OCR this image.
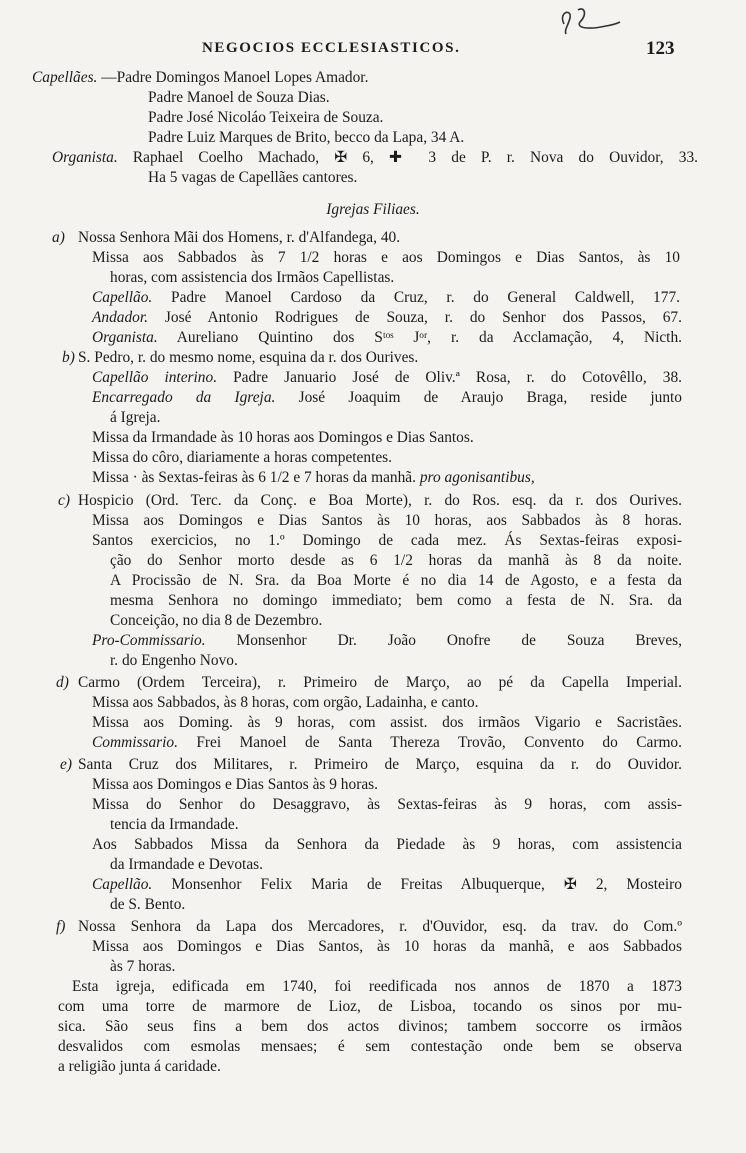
NEGOCIOS ECCLESIASTICOS.	123
Capellães. —Padre Domingos Manoel Lopes Amador.
Padre Manoel de Souza Dias.
Padre José Nicoláo Teixeira de Souza.
Padre Luiz Marques de Brito, becco da Lapa, 34 A.
Organista. Raphael Coelho Machado, ✠ 6, ✚ 3 de P. r. Nova do Ouvidor, 33.
Ha 5 vagas de Capellães cantores.
Igrejas Filiaes.
a) Nossa Senhora Mãi dos Homens, r. d'Alfandega, 40.
Missa aos Sabbados às 7 1/2 horas e aos Domingos e Dias Santos, às 10
horas, com assistencia dos Irmãos Capellistas.
Capellão. Padre Manoel Cardoso da Cruz, r. do General Caldwell, 177.
Andador. José Antonio Rodrigues de Souza, r. do Senhor dos Passos, 67.
Organista. Aureliano Quintino dos Sᵗᵒˢ Jᵒʳ, r. da Acclamação, 4, Nicth.
b) S. Pedro, r. do mesmo nome, esquina da r. dos Ourives.
Capellão interino. Padre Januario José de Oliv.ª Rosa, r. do Cotovêllo, 38.
Encarregado da Igreja. José Joaquim de Araujo Braga, reside junto
á Igreja.
Missa da Irmandade às 10 horas aos Domingos e Dias Santos.
Missa do côro, diariamente a horas competentes.
Missa · às Sextas-feiras às 6 1/2 e 7 horas da manhã. pro agonisantibus,
c) Hospicio (Ord. Terc. da Conç. e Boa Morte), r. do Ros. esq. da r. dos Ourives.
Missa aos Domingos e Dias Santos às 10 horas, aos Sabbados às 8 horas.
Santos exercicios, no 1.º Domingo de cada mez. Ás Sextas-feiras exposi-
ção do Senhor morto desde as 6 1/2 horas da manhã às 8 da noite.
A Procissão de N. Sra. da Boa Morte é no dia 14 de Agosto, e a festa da
mesma Senhora no domingo immediato; bem como a festa de N. Sra. da
Conceição, no dia 8 de Dezembro.
Pro-Commissario. Monsenhor Dr. João Onofre de Souza Breves,
r. do Engenho Novo.
d) Carmo (Ordem Terceira), r. Primeiro de Março, ao pé da Capella Imperial.
Missa aos Sabbados, às 8 horas, com orgão, Ladainha, e canto.
Missa aos Doming. às 9 horas, com assist. dos irmãos Vigario e Sacristães.
Commissario. Frei Manoel de Santa Thereza Trovão, Convento do Carmo.
e) Santa Cruz dos Militares, r. Primeiro de Março, esquina da r. do Ouvidor.
Missa aos Domingos e Dias Santos às 9 horas.
Missa do Senhor do Desaggravo, às Sextas-feiras às 9 horas, com assis-
tencia da Irmandade.
Aos Sabbados Missa da Senhora da Piedade às 9 horas, com assistencia
da Irmandade e Devotas.
Capellão. Monsenhor Felix Maria de Freitas Albuquerque, ✠ 2, Mosteiro
de S. Bento.
f) Nossa Senhora da Lapa dos Mercadores, r. d'Ouvidor, esq. da trav. do Com.º
Missa aos Domingos e Dias Santos, às 10 horas da manhã, e aos Sabbados
às 7 horas.
Esta igreja, edificada em 1740, foi reedificada nos annos de 1870 a 1873
com uma torre de marmore de Lioz, de Lisboa, tocando os sinos por mu-
sica. São seus fins a bem dos actos divinos; tambem soccorre os irmãos
desvalidos com esmolas mensaes; é sem contestação onde bem se observa
a religião junta á caridade.
